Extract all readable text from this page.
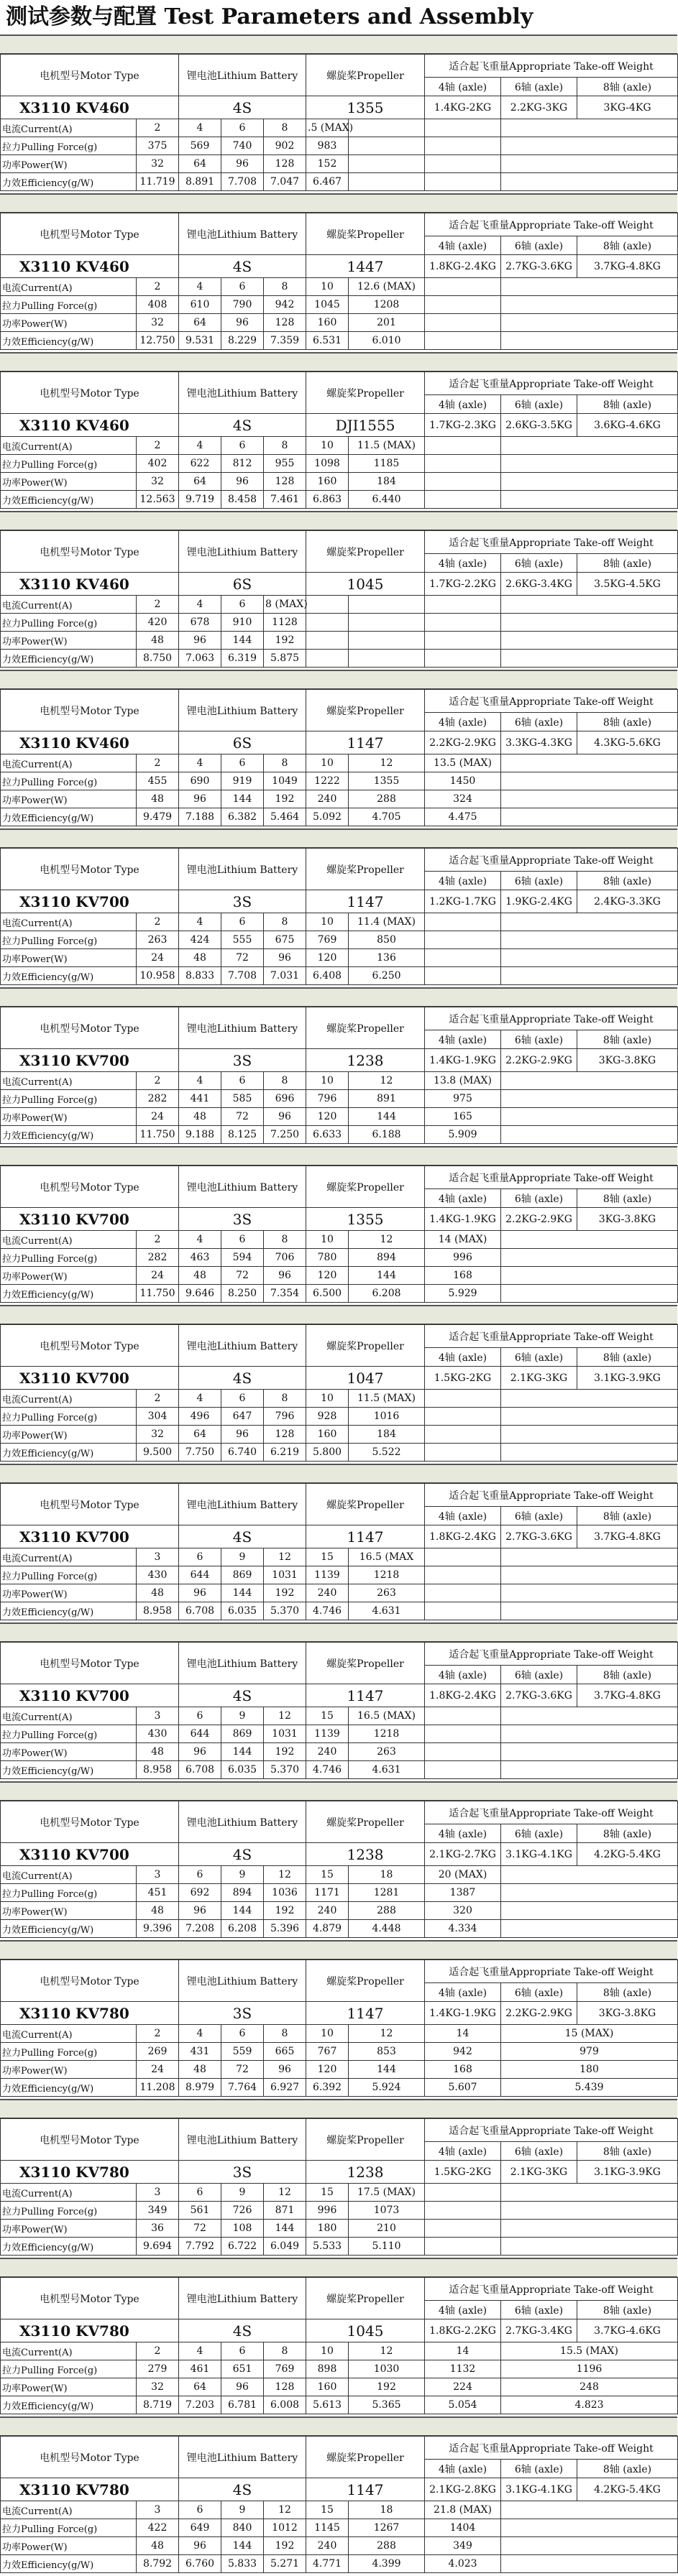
测试参数与配置 Test Parameters and Assembly
电机型号Motor Type		锂电池Lithium Battery			螺旋桨Propeller		适合起飞重量Appropriate Take-off Weight		
							4轴 (axle)	6轴 (axle)	8轴 (axle)
X3110 KV460		4S			1355		1.4KG-2KG	2.2KG-3KG	3KG-4KG
电流Current(A)	2	4	6	8	.5 (MAX)				
拉力Pulling Force(g)	375	569	740	902	983				
功率Power(W)	32	64	96	128	152				
力效Efficiency(g/W)	11.719	8.891	7.708	7.047	6.467				
电机型号Motor Type		锂电池Lithium Battery			螺旋桨Propeller		适合起飞重量Appropriate Take-off Weight		
							4轴 (axle)	6轴 (axle)	8轴 (axle)
X3110 KV460		4S			1447		1.8KG-2.4KG	2.7KG-3.6KG	3.7KG-4.8KG
电流Current(A)	2	4	6	8	10	12.6 (MAX)			
拉力Pulling Force(g)	408	610	790	942	1045	1208			
功率Power(W)	32	64	96	128	160	201			
力效Efficiency(g/W)	12.750	9.531	8.229	7.359	6.531	6.010			
电机型号Motor Type		锂电池Lithium Battery			螺旋桨Propeller		适合起飞重量Appropriate Take-off Weight		
							4轴 (axle)	6轴 (axle)	8轴 (axle)
X3110 KV460		4S			DJI1555		1.7KG-2.3KG	2.6KG-3.5KG	3.6KG-4.6KG
电流Current(A)	2	4	6	8	10	11.5 (MAX)			
拉力Pulling Force(g)	402	622	812	955	1098	1185			
功率Power(W)	32	64	96	128	160	184			
力效Efficiency(g/W)	12.563	9.719	8.458	7.461	6.863	6.440			
电机型号Motor Type		锂电池Lithium Battery			螺旋桨Propeller		适合起飞重量Appropriate Take-off Weight		
							4轴 (axle)	6轴 (axle)	8轴 (axle)
X3110 KV460		6S			1045		1.7KG-2.2KG	2.6KG-3.4KG	3.5KG-4.5KG
电流Current(A)	2	4	6	8 (MAX)					
拉力Pulling Force(g)	420	678	910	1128					
功率Power(W)	48	96	144	192					
力效Efficiency(g/W)	8.750	7.063	6.319	5.875					
电机型号Motor Type		锂电池Lithium Battery			螺旋桨Propeller		适合起飞重量Appropriate Take-off Weight		
							4轴 (axle)	6轴 (axle)	8轴 (axle)
X3110 KV460		6S			1147		2.2KG-2.9KG	3.3KG-4.3KG	4.3KG-5.6KG
电流Current(A)	2	4	6	8	10	12	13.5 (MAX)		
拉力Pulling Force(g)	455	690	919	1049	1222	1355	1450		
功率Power(W)	48	96	144	192	240	288	324		
力效Efficiency(g/W)	9.479	7.188	6.382	5.464	5.092	4.705	4.475		
电机型号Motor Type		锂电池Lithium Battery			螺旋桨Propeller		适合起飞重量Appropriate Take-off Weight		
							4轴 (axle)	6轴 (axle)	8轴 (axle)
X3110 KV700		3S			1147		1.2KG-1.7KG	1.9KG-2.4KG	2.4KG-3.3KG
电流Current(A)	2	4	6	8	10	11.4 (MAX)			
拉力Pulling Force(g)	263	424	555	675	769	850			
功率Power(W)	24	48	72	96	120	136			
力效Efficiency(g/W)	10.958	8.833	7.708	7.031	6.408	6.250			
电机型号Motor Type		锂电池Lithium Battery			螺旋桨Propeller		适合起飞重量Appropriate Take-off Weight		
							4轴 (axle)	6轴 (axle)	8轴 (axle)
X3110 KV700		3S			1238		1.4KG-1.9KG	2.2KG-2.9KG	3KG-3.8KG
电流Current(A)	2	4	6	8	10	12	13.8 (MAX)		
拉力Pulling Force(g)	282	441	585	696	796	891	975		
功率Power(W)	24	48	72	96	120	144	165		
力效Efficiency(g/W)	11.750	9.188	8.125	7.250	6.633	6.188	5.909		
电机型号Motor Type		锂电池Lithium Battery			螺旋桨Propeller		适合起飞重量Appropriate Take-off Weight		
							4轴 (axle)	6轴 (axle)	8轴 (axle)
X3110 KV700		3S			1355		1.4KG-1.9KG	2.2KG-2.9KG	3KG-3.8KG
电流Current(A)	2	4	6	8	10	12	14 (MAX)		
拉力Pulling Force(g)	282	463	594	706	780	894	996		
功率Power(W)	24	48	72	96	120	144	168		
力效Efficiency(g/W)	11.750	9.646	8.250	7.354	6.500	6.208	5.929		
电机型号Motor Type		锂电池Lithium Battery			螺旋桨Propeller		适合起飞重量Appropriate Take-off Weight		
							4轴 (axle)	6轴 (axle)	8轴 (axle)
X3110 KV700		4S			1047		1.5KG-2KG	2.1KG-3KG	3.1KG-3.9KG
电流Current(A)	2	4	6	8	10	11.5 (MAX)			
拉力Pulling Force(g)	304	496	647	796	928	1016			
功率Power(W)	32	64	96	128	160	184			
力效Efficiency(g/W)	9.500	7.750	6.740	6.219	5.800	5.522			
电机型号Motor Type		锂电池Lithium Battery			螺旋桨Propeller		适合起飞重量Appropriate Take-off Weight		
							4轴 (axle)	6轴 (axle)	8轴 (axle)
X3110 KV700		4S			1147		1.8KG-2.4KG	2.7KG-3.6KG	3.7KG-4.8KG
电流Current(A)	3	6	9	12	15	16.5 (MAX			
拉力Pulling Force(g)	430	644	869	1031	1139	1218			
功率Power(W)	48	96	144	192	240	263			
力效Efficiency(g/W)	8.958	6.708	6.035	5.370	4.746	4.631			
电机型号Motor Type		锂电池Lithium Battery			螺旋桨Propeller		适合起飞重量Appropriate Take-off Weight		
							4轴 (axle)	6轴 (axle)	8轴 (axle)
X3110 KV700		4S			1147		1.8KG-2.4KG	2.7KG-3.6KG	3.7KG-4.8KG
电流Current(A)	3	6	9	12	15	16.5 (MAX)			
拉力Pulling Force(g)	430	644	869	1031	1139	1218			
功率Power(W)	48	96	144	192	240	263			
力效Efficiency(g/W)	8.958	6.708	6.035	5.370	4.746	4.631			
电机型号Motor Type		锂电池Lithium Battery			螺旋桨Propeller		适合起飞重量Appropriate Take-off Weight		
							4轴 (axle)	6轴 (axle)	8轴 (axle)
X3110 KV700		4S			1238		2.1KG-2.7KG	3.1KG-4.1KG	4.2KG-5.4KG
电流Current(A)	3	6	9	12	15	18	20 (MAX)		
拉力Pulling Force(g)	451	692	894	1036	1171	1281	1387		
功率Power(W)	48	96	144	192	240	288	320		
力效Efficiency(g/W)	9.396	7.208	6.208	5.396	4.879	4.448	4.334		
电机型号Motor Type		锂电池Lithium Battery			螺旋桨Propeller		适合起飞重量Appropriate Take-off Weight		
							4轴 (axle)	6轴 (axle)	8轴 (axle)
X3110 KV780		3S			1147		1.4KG-1.9KG	2.2KG-2.9KG	3KG-3.8KG
电流Current(A)	2	4	6	8	10	12	14	15 (MAX)	
拉力Pulling Force(g)	269	431	559	665	767	853	942	979	
功率Power(W)	24	48	72	96	120	144	168	180	
力效Efficiency(g/W)	11.208	8.979	7.764	6.927	6.392	5.924	5.607	5.439	
电机型号Motor Type		锂电池Lithium Battery			螺旋桨Propeller		适合起飞重量Appropriate Take-off Weight		
							4轴 (axle)	6轴 (axle)	8轴 (axle)
X3110 KV780		3S			1238		1.5KG-2KG	2.1KG-3KG	3.1KG-3.9KG
电流Current(A)	3	6	9	12	15	17.5 (MAX)			
拉力Pulling Force(g)	349	561	726	871	996	1073			
功率Power(W)	36	72	108	144	180	210			
力效Efficiency(g/W)	9.694	7.792	6.722	6.049	5.533	5.110			
电机型号Motor Type		锂电池Lithium Battery			螺旋桨Propeller		适合起飞重量Appropriate Take-off Weight		
							4轴 (axle)	6轴 (axle)	8轴 (axle)
X3110 KV780		4S			1045		1.8KG-2.2KG	2.7KG-3.4KG	3.7KG-4.6KG
电流Current(A)	2	4	6	8	10	12	14	15.5 (MAX)	
拉力Pulling Force(g)	279	461	651	769	898	1030	1132	1196	
功率Power(W)	32	64	96	128	160	192	224	248	
力效Efficiency(g/W)	8.719	7.203	6.781	6.008	5.613	5.365	5.054	4.823	
电机型号Motor Type		锂电池Lithium Battery			螺旋桨Propeller		适合起飞重量Appropriate Take-off Weight		
							4轴 (axle)	6轴 (axle)	8轴 (axle)
X3110 KV780		4S			1147		2.1KG-2.8KG	3.1KG-4.1KG	4.2KG-5.4KG
电流Current(A)	3	6	9	12	15	18	21.8 (MAX)		
拉力Pulling Force(g)	422	649	840	1012	1145	1267	1404		
功率Power(W)	48	96	144	192	240	288	349		
力效Efficiency(g/W)	8.792	6.760	5.833	5.271	4.771	4.399	4.023		
